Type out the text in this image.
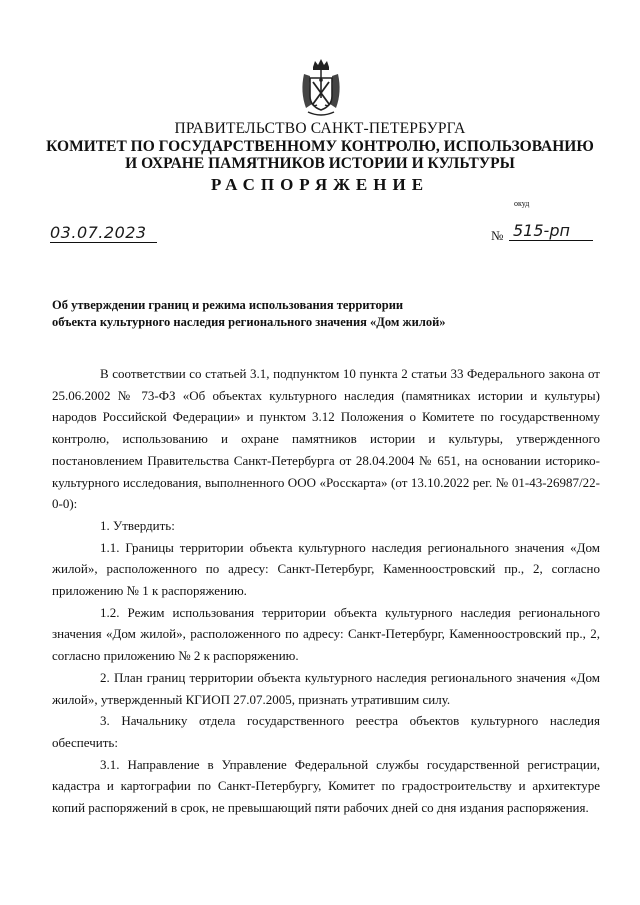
ПРАВИТЕЛЬСТВО САНКТ-ПЕТЕРБУРГА
КОМИТЕТ ПО ГОСУДАРСТВЕННОМУ КОНТРОЛЮ, ИСПОЛЬЗОВАНИЮ
И ОХРАНЕ ПАМЯТНИКОВ ИСТОРИИ И КУЛЬТУРЫ
РАСПОРЯЖЕНИЕ
окуд
03.07.2023	№ 515-рп
Об утверждении границ и режима использования территории
объекта культурного наследия регионального значения «Дом жилой»

В соответствии со статьей 3.1, подпунктом 10 пункта 2 статьи 33 Федерального закона от 25.06.2002 № 73-ФЗ «Об объектах культурного наследия (памятниках истории и культуры) народов Российской Федерации» и пунктом 3.12 Положения о Комитете по государственному контролю, использованию и охране памятников истории и культуры, утвержденного постановлением Правительства Санкт-Петербурга от 28.04.2004 № 651, на основании историко-культурного исследования, выполненного ООО «Росскарта» (от 13.10.2022 рег. № 01-43-26987/22-0-0):

1. Утвердить:

1.1. Границы территории объекта культурного наследия регионального значения «Дом жилой», расположенного по адресу: Санкт-Петербург, Каменноостровский пр., 2, согласно приложению № 1 к распоряжению.

1.2. Режим использования территории объекта культурного наследия регионального значения «Дом жилой», расположенного по адресу: Санкт-Петербург, Каменноостровский пр., 2, согласно приложению № 2 к распоряжению.

2. План границ территории объекта культурного наследия регионального значения «Дом жилой», утвержденный КГИОП 27.07.2005, признать утратившим силу.

3. Начальнику отдела государственного реестра объектов культурного наследия обеспечить:

3.1. Направление в Управление Федеральной службы государственной регистрации, кадастра и картографии по Санкт-Петербургу, Комитет по градостроительству и архитектуре копий распоряжений в срок, не превышающий пяти рабочих дней со дня издания распоряжения.
